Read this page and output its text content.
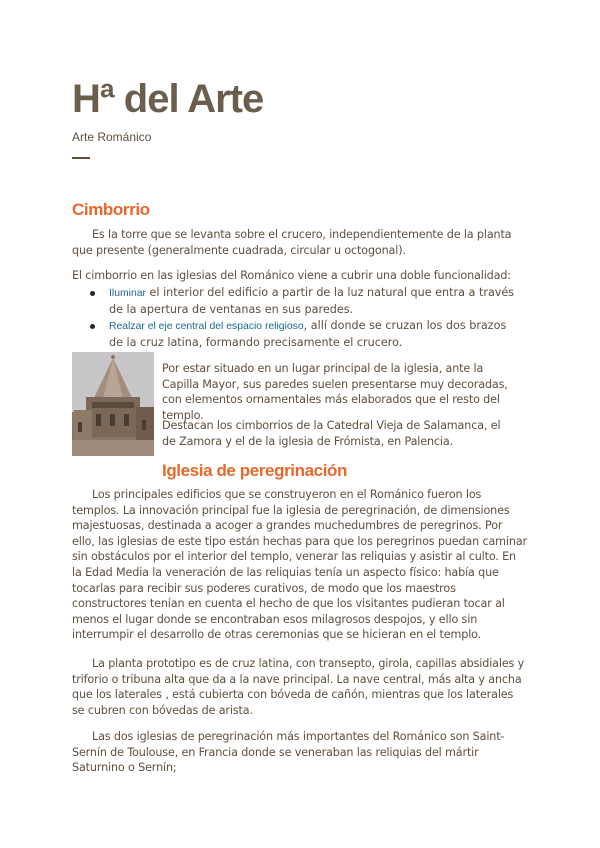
Hª del Arte
Arte Románico
Cimborrio

Es la torre que se levanta sobre el crucero, independientemente de la planta que presente (generalmente cuadrada, circular u octogonal).

El cimborrio en las iglesias del Románico viene a cubrir una doble funcionalidad:

Iluminar el interior del edificio a partir de la luz natural que entra a través de la apertura de ventanas en sus paredes.
Realzar el eje central del espacio religioso, allí donde se cruzan los dos brazos de la cruz latina, formando precisamente el crucero.

Por estar situado en un lugar principal de la iglesia, ante la Capilla Mayor, sus paredes suelen presentarse muy decoradas, con elementos ornamentales más elaborados que el resto del templo.

Destacan los cimborrios de la Catedral Vieja de Salamanca, el de Zamora y el de la iglesia de Frómista, en Palencia.

Iglesia de peregrinación

Los principales edificios que se construyeron en el Románico fueron los templos. La innovación principal fue la iglesia de peregrinación, de dimensiones majestuosas, destinada a acoger a grandes muchedumbres de peregrinos. Por ello, las iglesias de este tipo están hechas para que los peregrinos puedan caminar sin obstáculos por el interior del templo, venerar las reliquias y asistir al culto. En la Edad Media la veneración de las reliquias tenía un aspecto físico: había que tocarlas para recibir sus poderes curativos, de modo que los maestros constructores tenían en cuenta el hecho de que los visitantes pudieran tocar al menos el lugar donde se encontraban esos milagrosos despojos, y ello sin interrumpir el desarrollo de otras ceremonias que se hicieran en el templo.

La planta prototipo es de cruz latina, con transepto, girola, capillas absidiales y triforio o tribuna alta que da a la nave principal. La nave central, más alta y ancha que los laterales , está cubierta con bóveda de cañón, mientras que los laterales se cubren con bóvedas de arista.

Las dos iglesias de peregrinación más importantes del Románico son Saint-Sernín de Toulouse, en Francia donde se veneraban las reliquias del mártir Saturnino o Sernín;
